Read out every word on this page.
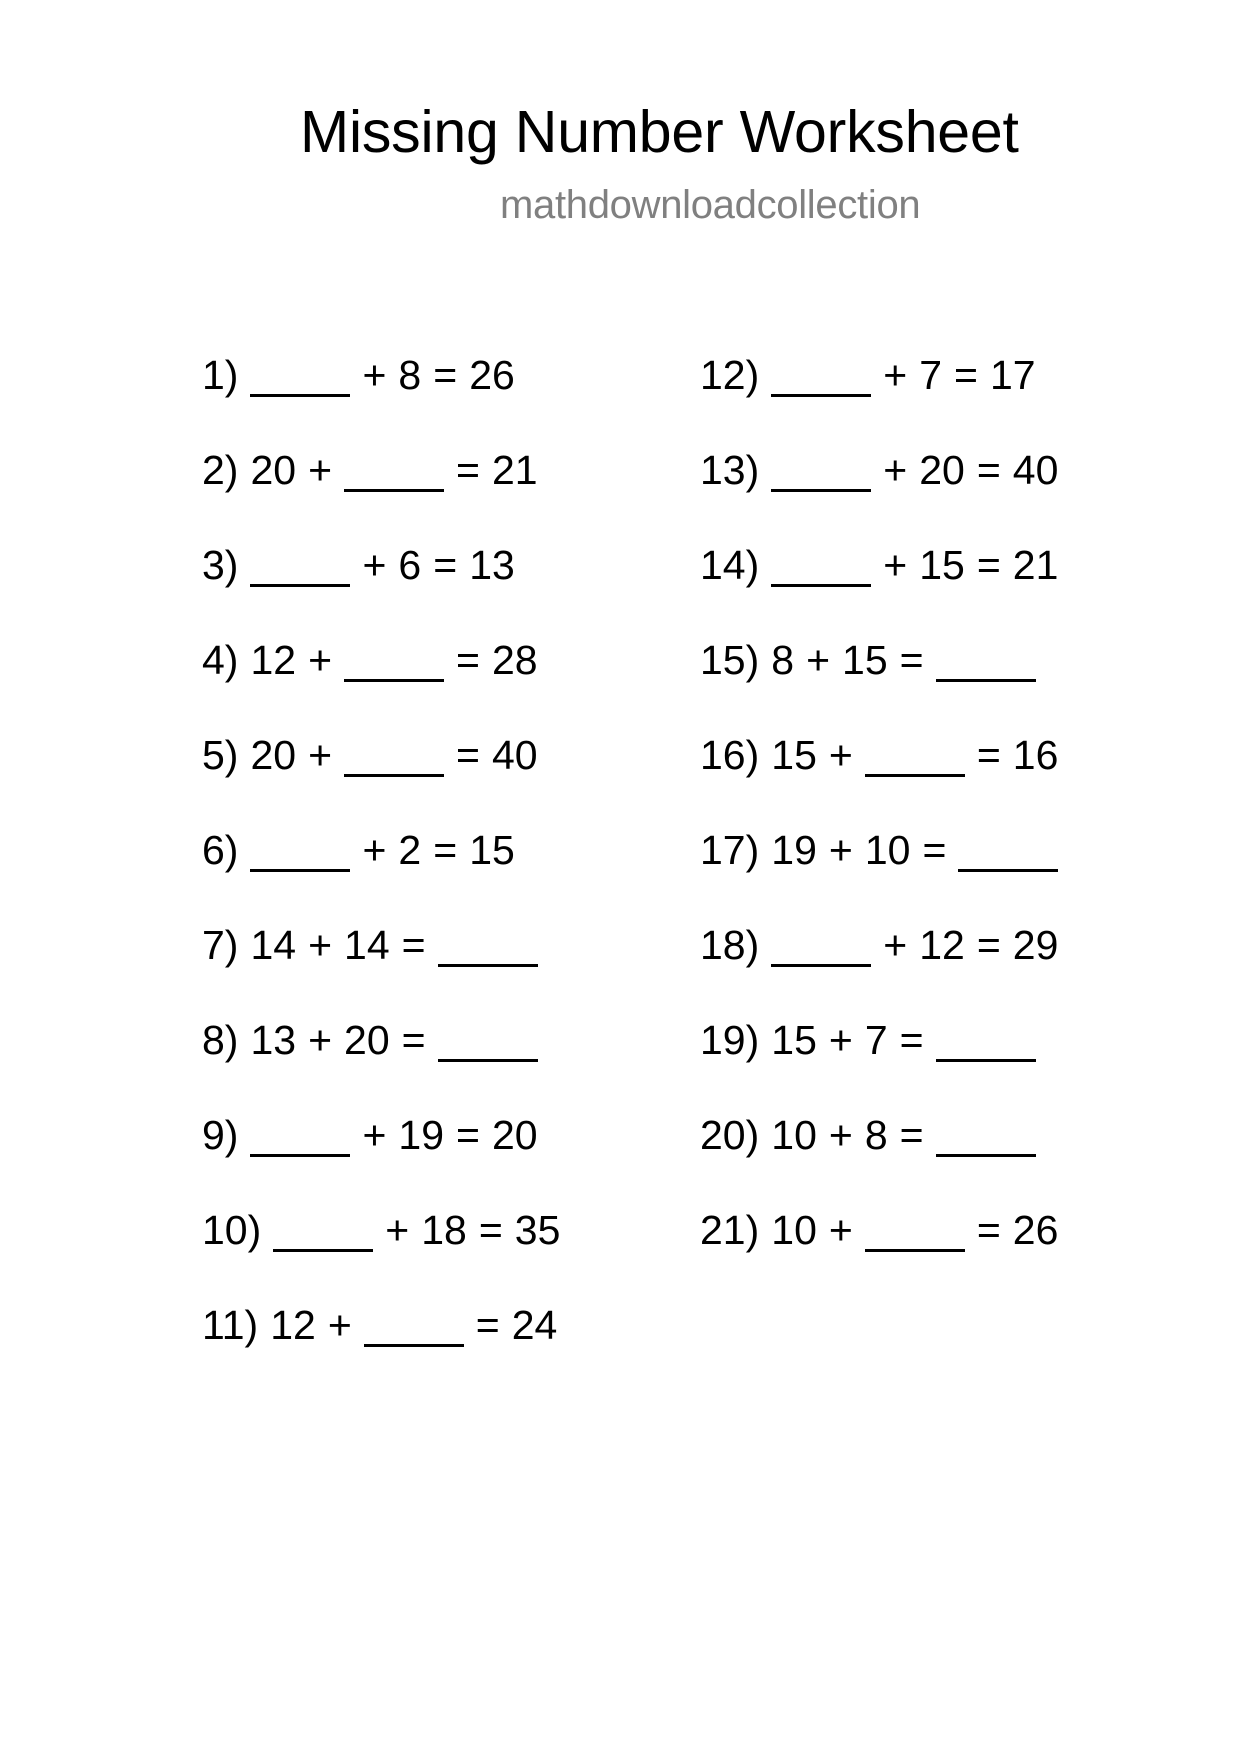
Missing Number Worksheet
mathdownloadcollection
1)	+ 8 = 26
2) 20 +	= 21
3)	+ 6 = 13
4) 12 +	= 28
5) 20 +	= 40
6)	+ 2 = 15
7) 14 + 14 =
8) 13 + 20 =
9)	+ 19 = 20
10)	+ 18 = 35
11) 12 +	= 24
12)	+ 7 = 17
13)	+ 20 = 40
14)	+ 15 = 21
15) 8 + 15 =
16) 15 +	= 16
17) 19 + 10 =
18)	+ 12 = 29
19) 15 + 7 =
20) 10 + 8 =
21) 10 +	= 26
